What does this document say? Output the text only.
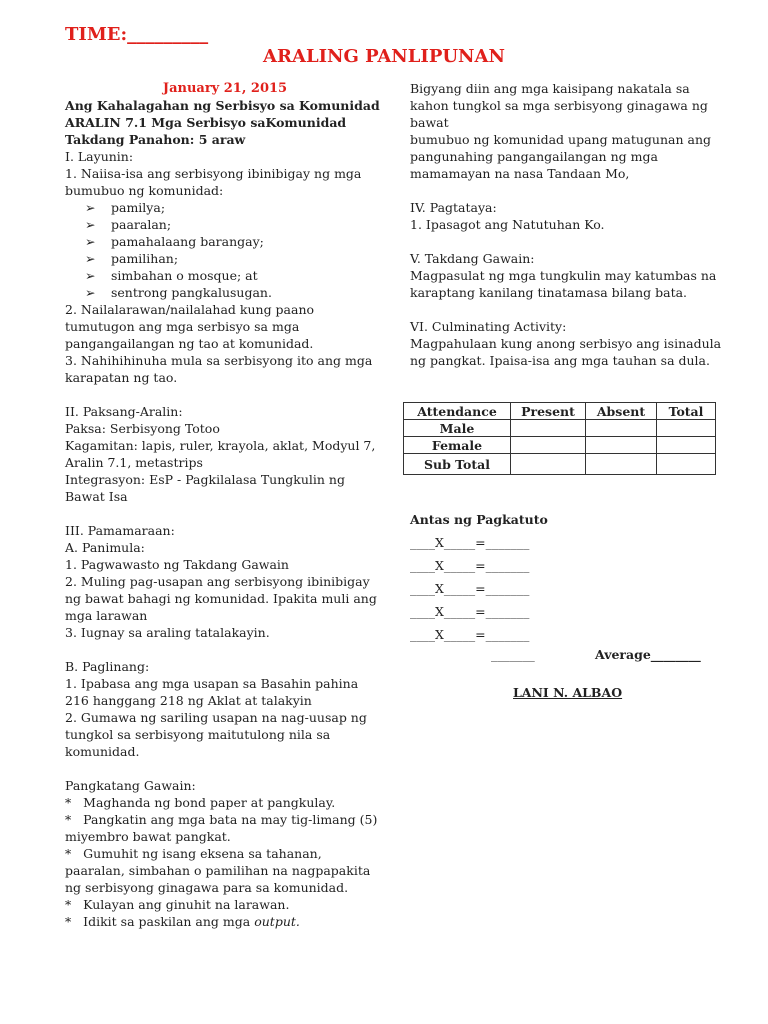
TIME:_________
ARALING PANLIPUNAN
January 21, 2015
Ang Kahalagahan ng Serbisyo sa Komunidad
ARALIN 7.1 Mga Serbisyo saKomunidad
Takdang Panahon: 5 araw
I. Layunin:
1. Naiisa-isa ang serbisyong ibinibigay ng mga bumubuo ng komunidad:
➢ pamilya;
➢ paaralan;
➢ pamahalaang barangay;
➢ pamilihan;
➢ simbahan o mosque; at
➢ sentrong pangkalusugan.
2. Nailalarawan/nailalahad kung paano tumutugon ang mga serbisyo sa mga pangangailangan ng tao at komunidad.
3. Nahihihinuha mula sa serbisyong ito ang mga karapatan ng tao.
II. Paksang-Aralin:
Paksa: Serbisyong Totoo
Kagamitan: lapis, ruler, krayola, aklat, Modyul 7, Aralin 7.1, metastrips
Integrasyon: EsP - Pagkilalasa Tungkulin ng Bawat Isa
III. Pamamaraan:
A. Panimula:
1. Pagwawasto ng Takdang Gawain
2. Muling pag-usapan ang serbisyong ibinibigay ng bawat bahagi ng komunidad. Ipakita muli ang mga larawan
3. Iugnay sa araling tatalakayin.
B. Paglinang:
1. Ipabasa ang mga usapan sa Basahin pahina 216 hanggang 218 ng Aklat at talakyin
2. Gumawa ng sariling usapan na nag-uusap ng tungkol sa serbisyong maitutulong nila sa komunidad.
Pangkatang Gawain:
* Maghanda ng bond paper at pangkulay.
* Pangkatin ang mga bata na may tig-limang (5) miyembro bawat pangkat.
* Gumuhit ng isang eksena sa tahanan, paaralan, simbahan o pamilihan na nagpapakita ng serbisyong ginagawa para sa komunidad.
* Kulayan ang ginuhit na larawan.
* Idikit sa paskilan ang mga output.
Bigyang diin ang mga kaisipang nakatala sa kahon tungkol sa mga serbisyong ginagawa ng bawat
bumubuo ng komunidad upang matugunan ang pangunahing pangangailangan ng mga mamamayan na nasa Tandaan Mo,
IV. Pagtataya:
1. Ipasagot ang Natutuhan Ko.
V. Takdang Gawain:
Magpasulat ng mga tungkulin may katumbas na karaptang kanilang tinatamasa bilang bata.
VI. Culminating Activity:
Magpahulaan kung anong serbisyo ang isinadula ng pangkat. Ipaisa-isa ang mga tauhan sa dula.
Attendance	Present	Absent	Total
Male			
Female			
Sub Total			
Antas ng Pagkatuto
____X_____=_______
____X_____=_______
____X_____=_______
____X_____=_______
____X_____=_______
_______	Average________
LANI N. ALBAO
